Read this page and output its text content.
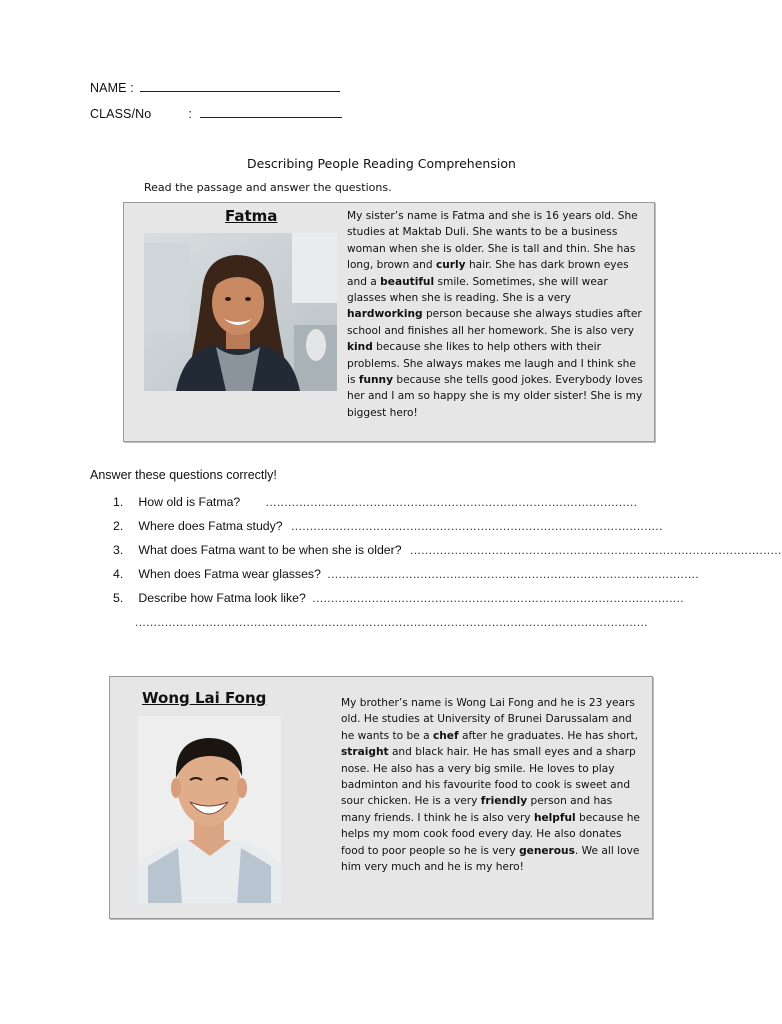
NAME :
CLASS/No	:
Describing People Reading Comprehension
Read the passage and answer the questions.
Fatma	My sister’s name is Fatma and she is 16 years old. She studies at Maktab Duli. She wants to be a business woman when she is older. She is tall and thin. She has long, brown and curly hair. She has dark brown eyes and a beautiful smile. Sometimes, she will wear glasses when she is reading. She is a very hardworking person because she always studies after school and finishes all her homework. She is also very kind because she likes to help others with their problems. She always makes me laugh and I think she is funny because she tells good jokes. Everybody loves her and I am so happy she is my older sister! She is my biggest hero!
Answer these questions correctly!
1. How old is Fatma? ....................................................................................................
2. Where does Fatma study? ....................................................................................................
3. What does Fatma want to be when she is older? ....................................................................................................
4. When does Fatma wear glasses? ....................................................................................................
5. Describe how Fatma look like? ....................................................................................................
..........................................................................................................................................
Wong Lai Fong	My brother’s name is Wong Lai Fong and he is 23 years old. He studies at University of Brunei Darussalam and he wants to be a chef after he graduates. He has short, straight and black hair. He has small eyes and a sharp nose. He also has a very big smile. He loves to play badminton and his favourite food to cook is sweet and sour chicken. He is a very friendly person and has many friends. I think he is also very helpful because he helps my mom cook food every day. He also donates food to poor people so he is very generous. We all love him very much and he is my hero!
